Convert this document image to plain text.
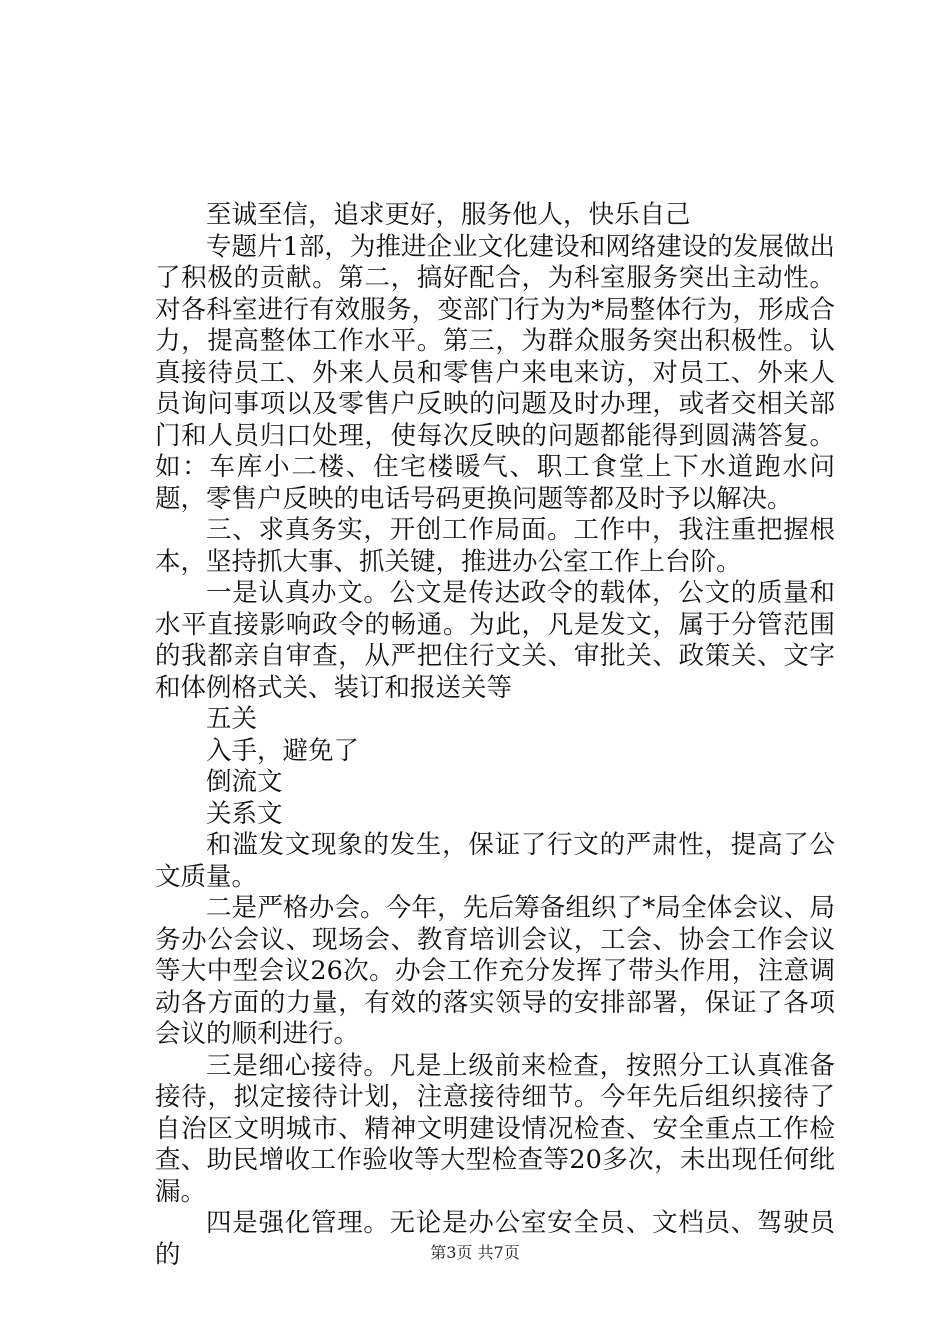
至诚至信，追求更好，服务他人，快乐自己

专题片1部，为推进企业文化建设和网络建设的发展做出了积极的贡献。第二，搞好配合，为科室服务突出主动性。对各科室进行有效服务，变部门行为为*局整体行为，形成合力，提高整体工作水平。第三，为群众服务突出积极性。认真接待员工、外来人员和零售户来电来访，对员工、外来人员询问事项以及零售户反映的问题及时办理，或者交相关部门和人员归口处理，使每次反映的问题都能得到圆满答复。如：车库小二楼、住宅楼暖气、职工食堂上下水道跑水问题，零售户反映的电话号码更换问题等都及时予以解决。

三、求真务实，开创工作局面。工作中，我注重把握根本，坚持抓大事、抓关键，推进办公室工作上台阶。

一是认真办文。公文是传达政令的载体，公文的质量和水平直接影响政令的畅通。为此，凡是发文，属于分管范围的我都亲自审查，从严把住行文关、审批关、政策关、文字和体例格式关、装订和报送关等

五关

入手，避免了

倒流文

关系文

和滥发文现象的发生，保证了行文的严肃性，提高了公文质量。

二是严格办会。今年，先后筹备组织了*局全体会议、局务办公会议、现场会、教育培训会议，工会、协会工作会议等大中型会议26次。办会工作充分发挥了带头作用，注意调动各方面的力量，有效的落实领导的安排部署，保证了各项会议的顺利进行。

三是细心接待。凡是上级前来检查，按照分工认真准备接待，拟定接待计划，注意接待细节。今年先后组织接待了自治区文明城市、精神文明建设情况检查、安全重点工作检查、助民增收工作验收等大型检查等20多次，未出现任何纰漏。

四是强化管理。无论是办公室安全员、文档员、驾驶员的	第3页 共7页
